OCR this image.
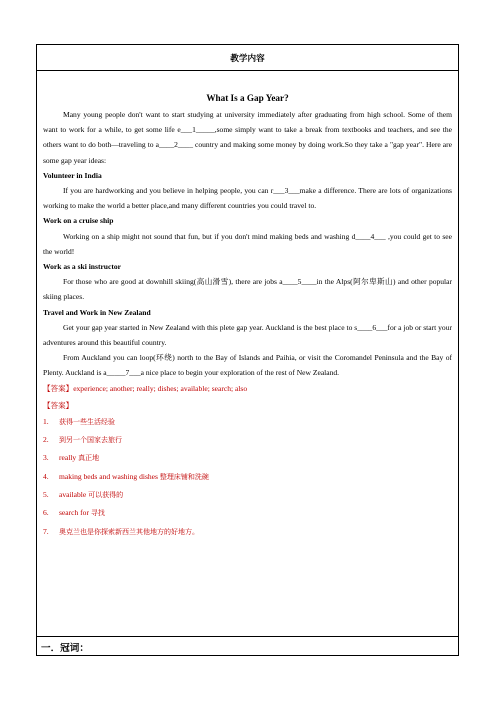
教学内容
What Is a Gap Year?

Many young people don't want to start studying at university immediately after graduating from high school. Some of them want to work for a while, to get some life e___1_____,some simply want to take a break from textbooks and teachers, and see the others want to do both—traveling to a____2____ country and making some money by doing work.So they take a "gap year". Here are some gap year ideas:

Volunteer in India

If you are hardworking and you believe in helping people, you can r___3___make a difference. There are lots of organizations working to make the world a better place,and many different countries you could travel to.

Work on a cruise ship

Working on a ship might not sound that fun, but if you don't mind making beds and washing d____4___ ,you could get to see the world!

Work as a ski instructor

For those who are good at downhill skiing(高山滑雪), there are jobs a____5____in the Alps(阿尔卑斯山) and other popular skiing places.

Travel and Work in New Zealand

Get your gap year started in New Zealand with this plete gap year. Auckland is the best place to s____6___for a job or start your adventures around this beautiful country.

From Auckland you can loop(环绕) north to the Bay of Islands and Paihia, or visit the Coromandel Peninsula and the Bay of Plenty. Auckland is a_____7___a nice place to begin your exploration of the rest of New Zealand.

【答案】experience; another; really; dishes; available; search; also

【答案】
1. 获得一些生活经验
2. 到另一个国家去旅行
3. really 真正地
4. making beds and washing dishes 整理床铺和洗碗
5. available 可以获得的
6. search for 寻找
7. 奥克兰也是你探索新西兰其他地方的好地方。
一．冠词：
